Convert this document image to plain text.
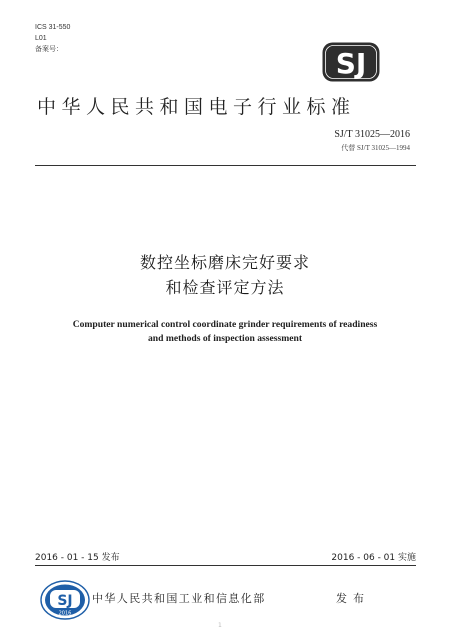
ICS 31-550
L01
备案号：	SJ
中华人民共和国电子行业标准
SJ/T 31025—2016
代替 SJ/T 31025—1994
数控坐标磨床完好要求
和检查评定方法
Computer numerical control coordinate grinder requirements of readiness
and methods of inspection assessment
2016 - 01 - 15 发布	2016 - 06 - 01 实施
SJ
2016
中华人民共和国工业和信息化部	发布
1
